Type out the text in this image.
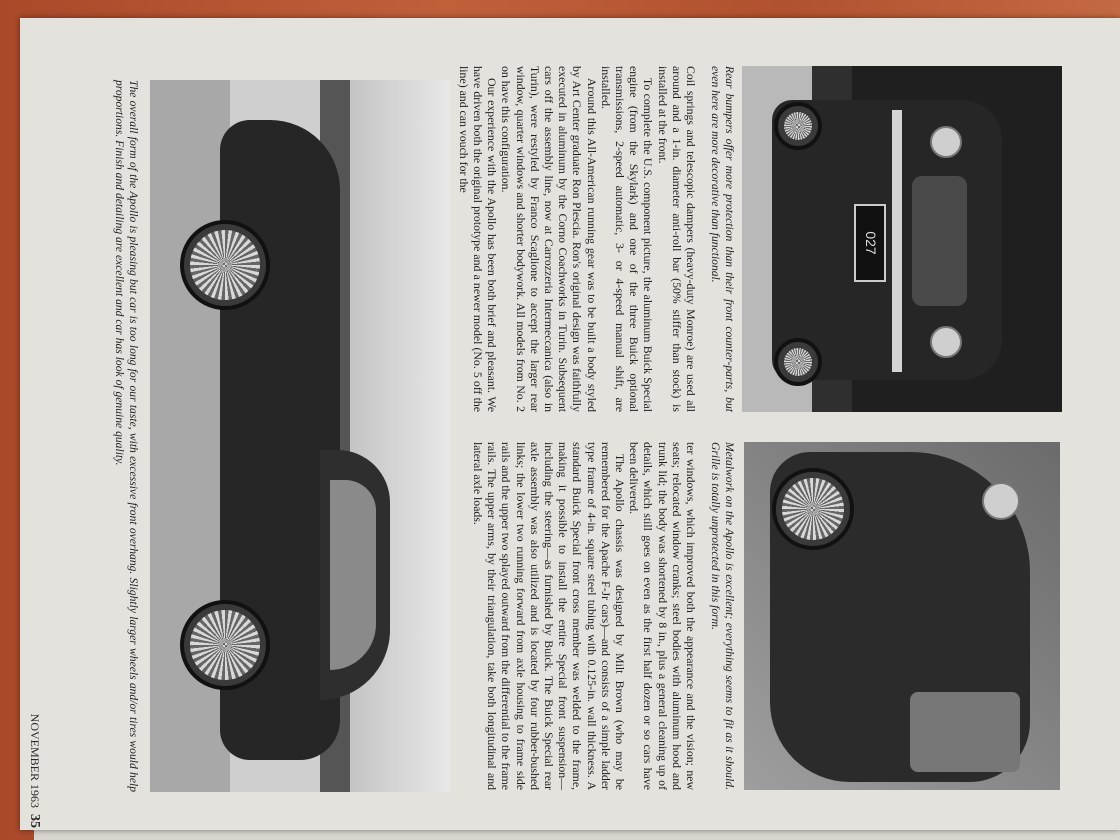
027
Rear bumpers offer more protection than their front counter-parts, but even here are more decorative than functional.
Metalwork on the Apollo is excellent; everything seems to fit as it should. Grille is totally unprotected in this form.

Coil springs and telescopic dampers (heavy-duty Monroe) are used all around and a 1-in. diameter anti-roll bar (50% stiffer than stock) is installed at the front.

To complete the U.S. component picture, the aluminum Buick Special engine (from the Skylark) and one of the three Buick optional transmissions, 2-speed automatic, 3- or 4-speed manual shift, are installed.

Around this All-American running gear was to be built a body styled by Art Center graduate Ron Plescia. Ron's original design was faithfully executed in aluminum by the Corno Coachworks in Turin. Subsequent cars off the assembly line, now at Carrozzeria Intermeccanica (also in Turin), were restyled by Franco Scaglione to accept the larger rear window, quarter windows and shorter bodywork. All models from No. 2 on have this configuration.

Our experience with the Apollo has been both brief and pleasant. We have driven both the original prototype and a newer model (No. 5 off the line) and can vouch for the

ter windows, which improved both the appearance and the vision; new seats; relocated window cranks; steel bodies with aluminum hood and trunk lid; the body was shortened by 8 in., plus a general cleaning up of details, which still goes on even as the first half dozen or so cars have been delivered.

The Apollo chassis was designed by Milt Brown (who may be remembered for the Apache F-Jr cars)—and consists of a simple ladder type frame of 4-in. square steel tubing with 0.125-in. wall thickness. A standard Buick Special front cross member was welded to the frame, making it possible to install the entire Special front suspension—including the steering—as furnished by Buick. The Buick Special rear axle assembly was also utilized and is located by four rubber-bushed links; the lower two running forward from axle housing to frame side rails and the upper two splayed outward from the differential to the frame rails. The upper arms, by their triangulation, take both longitudinal and lateral axle loads.

The overall form of the Apollo is pleasing but car is too long for our taste, with excessive front overhang. Slightly larger wheels and/or tires would help proportions. Finish and detailing are excellent and car has look of genuine quality.
NOVEMBER 196335
